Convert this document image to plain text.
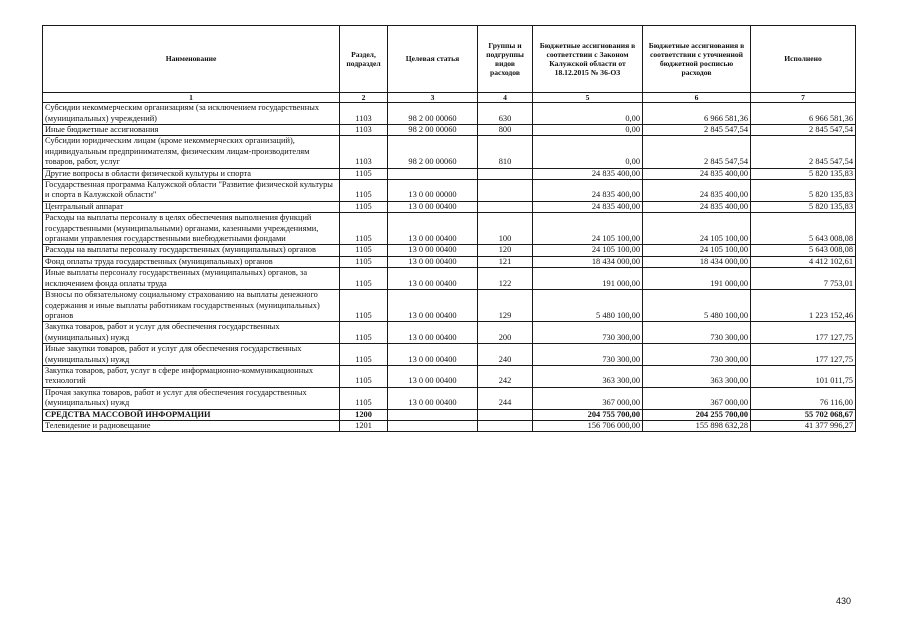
Наименование	Раздел, подраздел	Целевая статья	Группы и подгруппы видов расходов	Бюджетные ассигнования в соответствии с Законом Калужской области от 18.12.2015 № 36-ОЗ	Бюджетные ассигнования в соответствии с уточненной бюджетной росписью расходов	Исполнено
1	2	3	4	5	6	7
Субсидии некоммерческим организациям (за исключением государственных (муниципальных) учреждений)	1103	98 2 00 00060	630	0,00	6 966 581,36	6 966 581,36
Иные бюджетные ассигнования	1103	98 2 00 00060	800	0,00	2 845 547,54	2 845 547,54
Субсидии юридическим лицам (кроме некоммерческих организаций), индивидуальным предпринимателям, физическим лицам-производителям товаров, работ, услуг	1103	98 2 00 00060	810	0,00	2 845 547,54	2 845 547,54
Другие вопросы в области физической культуры и спорта	1105			24 835 400,00	24 835 400,00	5 820 135,83
Государственная программа Калужской области "Развитие физической культуры и спорта в Калужской области"	1105	13 0 00 00000		24 835 400,00	24 835 400,00	5 820 135,83
Центральный аппарат	1105	13 0 00 00400		24 835 400,00	24 835 400,00	5 820 135,83
Расходы на выплаты персоналу в целях обеспечения выполнения функций государственными (муниципальными) органами, казенными учреждениями, органами управления государственными внебюджетными фондами	1105	13 0 00 00400	100	24 105 100,00	24 105 100,00	5 643 008,08
Расходы на выплаты персоналу государственных (муниципальных) органов	1105	13 0 00 00400	120	24 105 100,00	24 105 100,00	5 643 008,08
Фонд оплаты труда государственных (муниципальных) органов	1105	13 0 00 00400	121	18 434 000,00	18 434 000,00	4 412 102,61
Иные выплаты персоналу государственных (муниципальных) органов, за исключением фонда оплаты труда	1105	13 0 00 00400	122	191 000,00	191 000,00	7 753,01
Взносы по обязательному социальному страхованию на выплаты денежного содержания и иные выплаты работникам государственных (муниципальных) органов	1105	13 0 00 00400	129	5 480 100,00	5 480 100,00	1 223 152,46
Закупка товаров, работ и услуг для обеспечения государственных (муниципальных) нужд	1105	13 0 00 00400	200	730 300,00	730 300,00	177 127,75
Иные закупки товаров, работ и услуг для обеспечения государственных (муниципальных) нужд	1105	13 0 00 00400	240	730 300,00	730 300,00	177 127,75
Закупка товаров, работ, услуг в сфере информационно-коммуникационных технологий	1105	13 0 00 00400	242	363 300,00	363 300,00	101 011,75
Прочая закупка товаров, работ и услуг для обеспечения государственных (муниципальных) нужд	1105	13 0 00 00400	244	367 000,00	367 000,00	76 116,00
СРЕДСТВА МАССОВОЙ ИНФОРМАЦИИ	1200			204 755 700,00	204 255 700,00	55 702 068,67
Телевидение и радиовещание	1201			156 706 000,00	155 898 632,28	41 377 996,27
430
